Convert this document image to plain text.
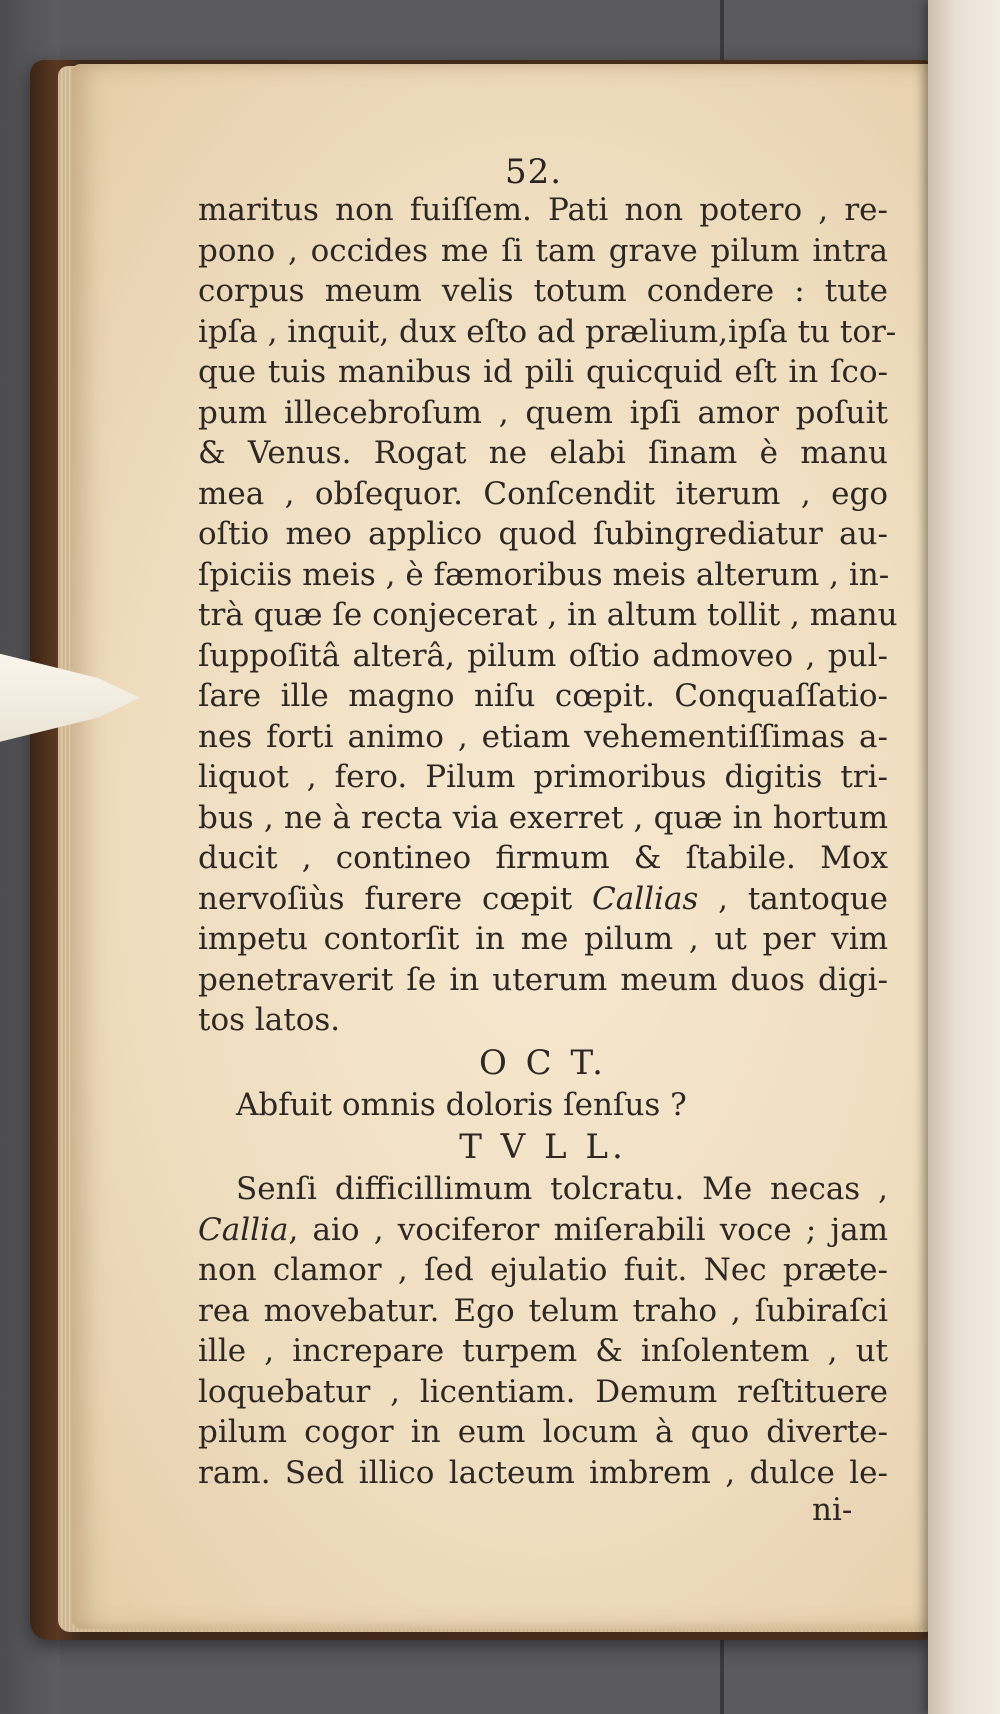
52.
maritus non fuiſſem. Pati non potero , re-
pono , occides me ſi tam grave pilum intra
corpus meum velis totum condere : tute
ipſa , inquit, dux eſto ad prælium,ipſa tu tor-
que tuis manibus id pili quicquid eſt in ſco-
pum illecebroſum , quem ipſi amor poſuit
& Venus. Rogat ne elabi ſinam è manu
mea , obſequor. Conſcendit iterum , ego
oſtio meo applico quod ſubingrediatur au-
ſpiciis meis , è fæmoribus meis alterum , in-
trà quæ ſe conjecerat , in altum tollit , manu
ſuppoſitâ alterâ, pilum oſtio admoveo , pul-
ſare ille magno niſu cœpit. Conquaſſatio-
nes forti animo , etiam vehementiſſimas a-
liquot , fero. Pilum primoribus digitis tri-
bus , ne à recta via exerret , quæ in hortum
ducit , contineo firmum & ſtabile. Mox
nervoſiùs furere cœpit Callias , tantoque
impetu contorſit in me pilum , ut per vim
penetraverit ſe in uterum meum duos digi-
tos latos.
O C T.
Abfuit omnis doloris ſenſus ?
T V L L.
Senſi difficillimum tolcratu. Me necas ,
Callia, aio , vociferor miſerabili voce ; jam
non clamor , ſed ejulatio fuit. Nec præte-
rea movebatur. Ego telum traho , ſubiraſci
ille , increpare turpem & inſolentem , ut
loquebatur , licentiam. Demum reſtituere
pilum cogor in eum locum à quo diverte-
ram. Sed illico lacteum imbrem , dulce le-
ni-
